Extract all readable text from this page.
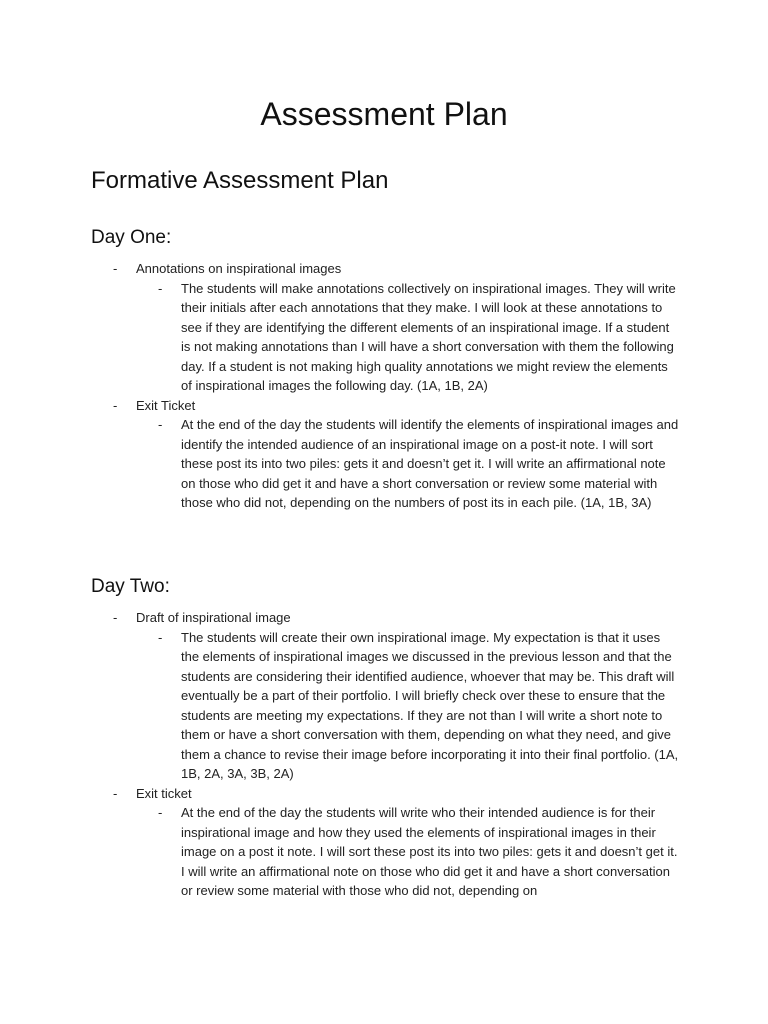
Assessment Plan
Formative Assessment Plan
Day One:
- Annotations on inspirational images
- The students will make annotations collectively on inspirational images. They will write their initials after each annotations that they make. I will look at these annotations to see if they are identifying the different elements of an inspirational image. If a student is not making annotations than I will have a short conversation with them the following day. If a student is not making high quality annotations we might review the elements of inspirational images the following day. (1A, 1B, 2A)
- Exit Ticket
- At the end of the day the students will identify the elements of inspirational images and identify the intended audience of an inspirational image on a post-it note. I will sort these post its into two piles: gets it and doesn’t get it. I will write an affirmational note on those who did get it and have a short conversation or review some material with those who did not, depending on the numbers of post its in each pile. (1A, 1B, 3A)
Day Two:
- Draft of inspirational image
- The students will create their own inspirational image. My expectation is that it uses the elements of inspirational images we discussed in the previous lesson and that the students are considering their identified audience, whoever that may be. This draft will eventually be a part of their portfolio. I will briefly check over these to ensure that the students are meeting my expectations. If they are not than I will write a short note to them or have a short conversation with them, depending on what they need, and give them a chance to revise their image before incorporating it into their final portfolio. (1A, 1B, 2A, 3A, 3B, 2A)
- Exit ticket
- At the end of the day the students will write who their intended audience is for their inspirational image and how they used the elements of inspirational images in their image on a post it note. I will sort these post its into two piles: gets it and doesn’t get it. I will write an affirmational note on those who did get it and have a short conversation or review some material with those who did not, depending on
